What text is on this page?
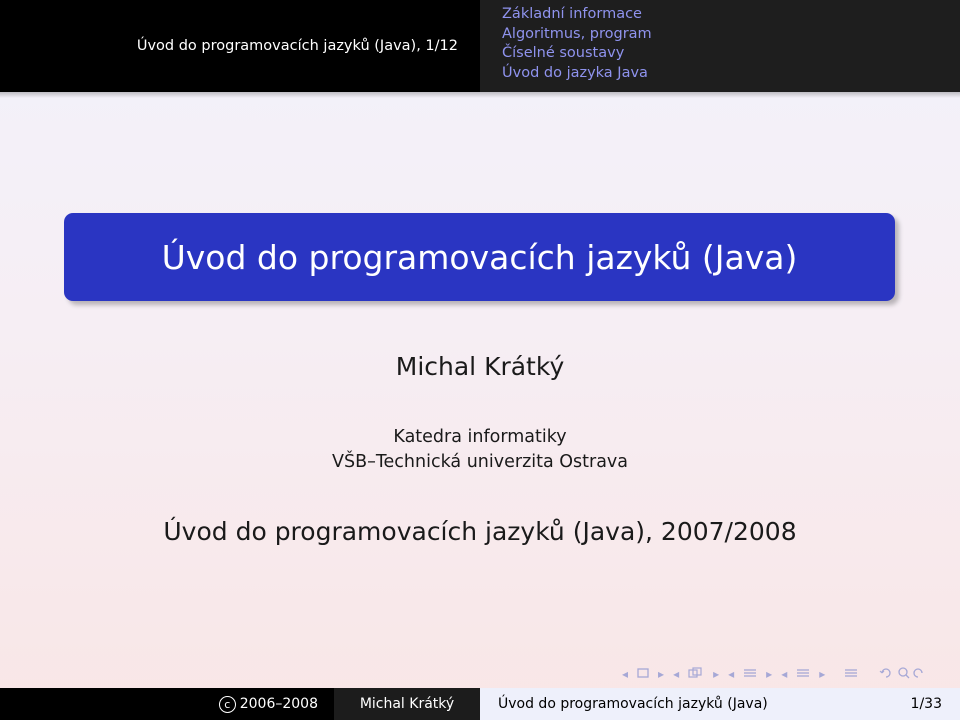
Úvod do programovacích jazyků (Java), 1/12
Základní informace
Algoritmus, program
Číselné soustavy
Úvod do jazyka Java
Úvod do programovacích jazyků (Java)
Michal Krátký
Katedra informatiky
VŠB–Technická univerzita Ostrava
Úvod do programovacích jazyků (Java), 2007/2008
◂	▸ ◂	▸ ◂	▸ ◂	▸
c 2006–2008	Michal Krátký	Úvod do programovacích jazyků (Java)	1/33
